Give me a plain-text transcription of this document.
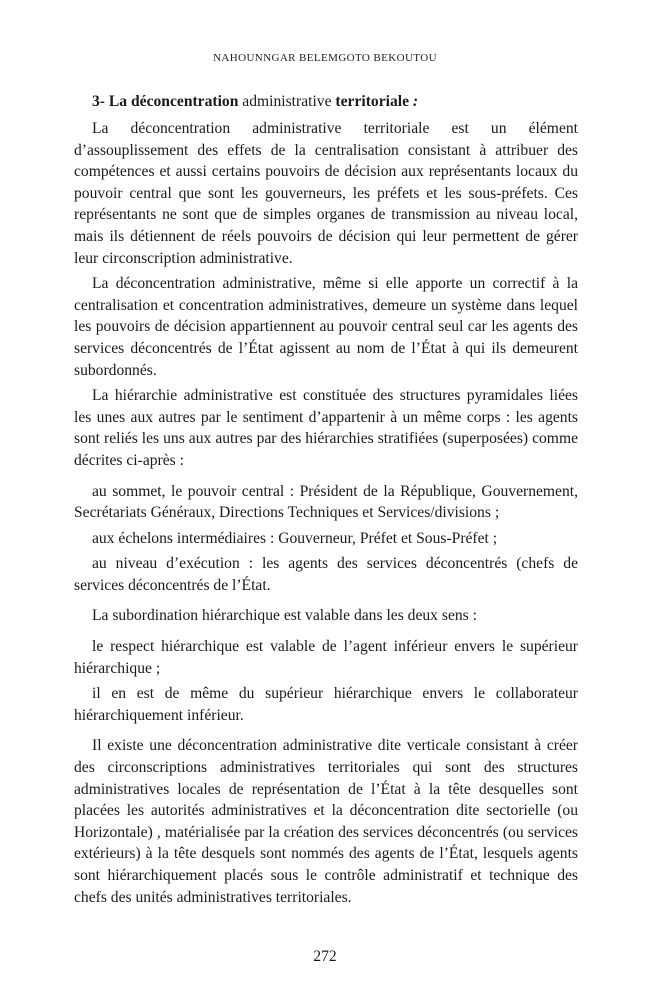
NAHOUNNGAR BELEMGOTO BEKOUTOU
3- La déconcentration administrative territoriale :

La déconcentration administrative territoriale est un élément d’assouplissement des effets de la centralisation consistant à attribuer des compétences et aussi certains pouvoirs de décision aux représentants locaux du pouvoir central que sont les gouverneurs, les préfets et les sous-préfets. Ces représentants ne sont que de simples organes de transmission au niveau local, mais ils détiennent de réels pouvoirs de décision qui leur permettent de gérer leur circonscription administrative.

La déconcentration administrative, même si elle apporte un correctif à la centralisation et concentration administratives, demeure un système dans lequel les pouvoirs de décision appartiennent au pouvoir central seul car les agents des services déconcentrés de l’État agissent au nom de l’État à qui ils demeurent subordonnés.

La hiérarchie administrative est constituée des structures pyramidales liées les unes aux autres par le sentiment d’appartenir à un même corps : les agents sont reliés les uns aux autres par des hiérarchies stratifiées (superposées) comme décrites ci-après :

au sommet, le pouvoir central : Président de la République, Gouvernement, Secrétariats Généraux, Directions Techniques et Services/divisions ;

aux échelons intermédiaires : Gouverneur, Préfet et Sous-Préfet ;

au niveau d’exécution : les agents des services déconcentrés (chefs de services déconcentrés de l’État.

La subordination hiérarchique est valable dans les deux sens :

le respect hiérarchique est valable de l’agent inférieur envers le supérieur hiérarchique ;

il en est de même du supérieur hiérarchique envers le collaborateur hiérarchiquement inférieur.

Il existe une déconcentration administrative dite verticale consistant à créer des circonscriptions administratives territoriales qui sont des structures administratives locales de représentation de l’État à la tête desquelles sont placées les autorités administratives et la déconcentration dite sectorielle (ou Horizontale) , matérialisée par la création des services déconcentrés (ou services extérieurs) à la tête desquels sont nommés des agents de l’État, lesquels agents sont hiérarchiquement placés sous le contrôle administratif et technique des chefs des unités administratives territoriales.

272
